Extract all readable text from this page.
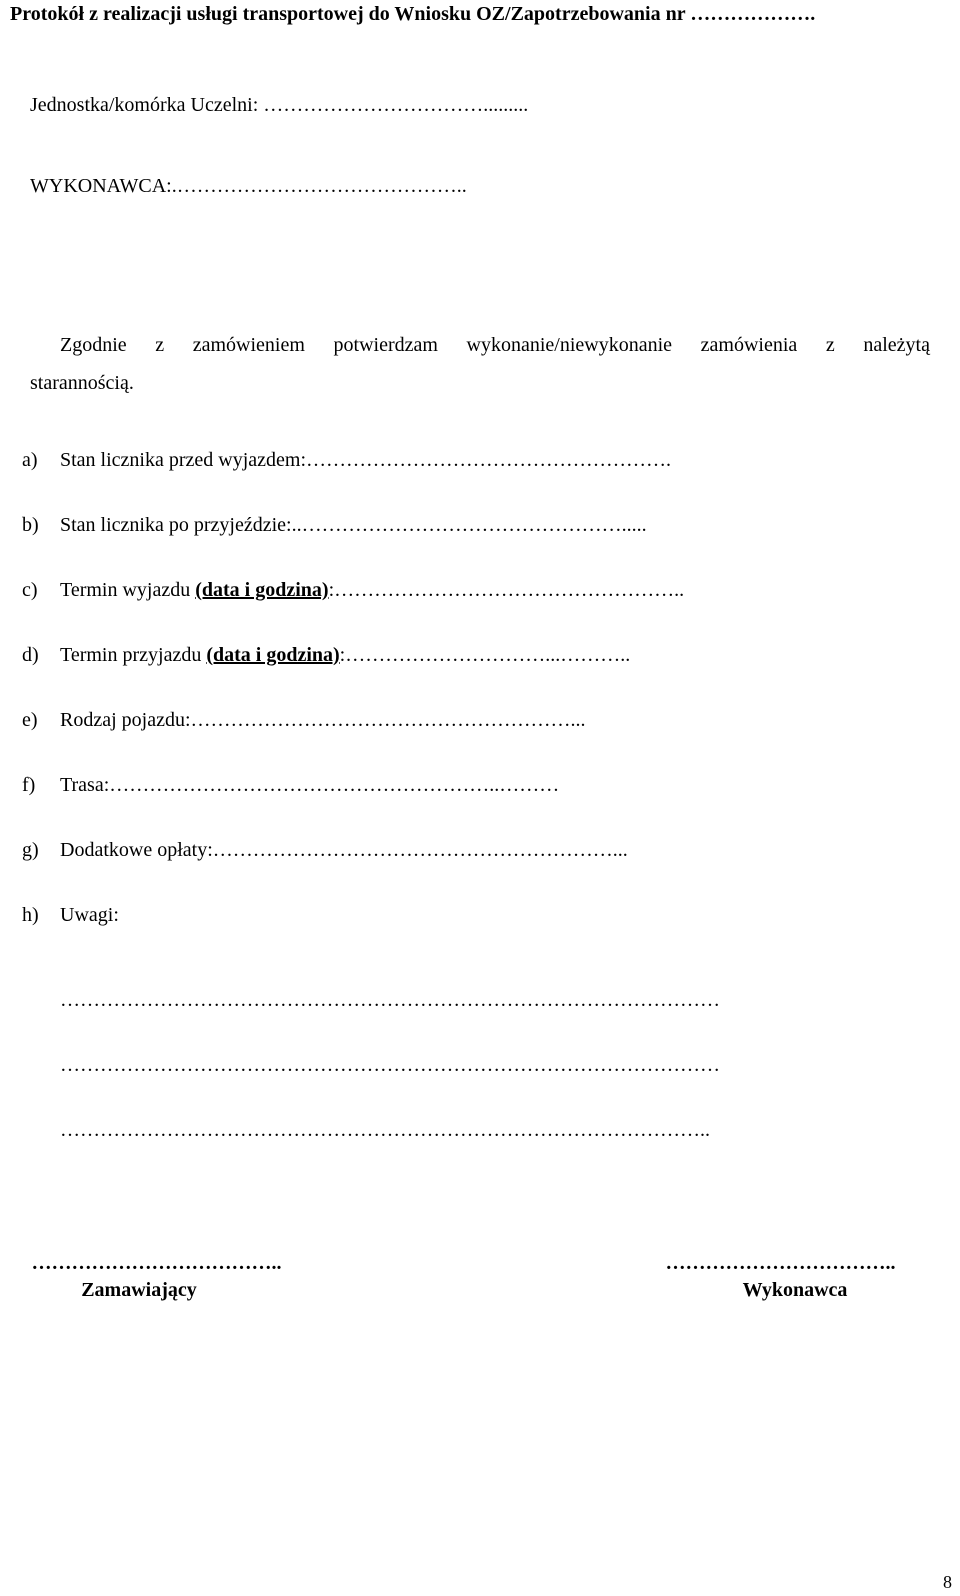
Protokół z realizacji usługi transportowej do Wniosku OZ/Zapotrzebowania nr ……………….
Jednostka/komórka Uczelni: …………………………….........
WYKONAWCA:.……………………………………..
Zgodnie z zamówieniem potwierdzam wykonanie/niewykonanie zamówienia z należytą
starannością.
a) Stan licznika przed wyjazdem:……………………………………………….
b) Stan licznika po przyjeździe:..………………………………………….....
c) Termin wyjazdu (data i godzina):……………………………………………..
d) Termin przyjazdu (data i godzina):…………………………...………..
e) Rodzaj pojazdu:…………………………………………………...
f) Trasa:…………………………………………………..………
g) Dodatkowe opłaty:……………………………………………………...
h) Uwagi:
………………………………………………………………………………………
………………………………………………………………………………………
……………………………………………………………………………………..
………………………………..
Zamawiający
……………………………..
Wykonawca
8
